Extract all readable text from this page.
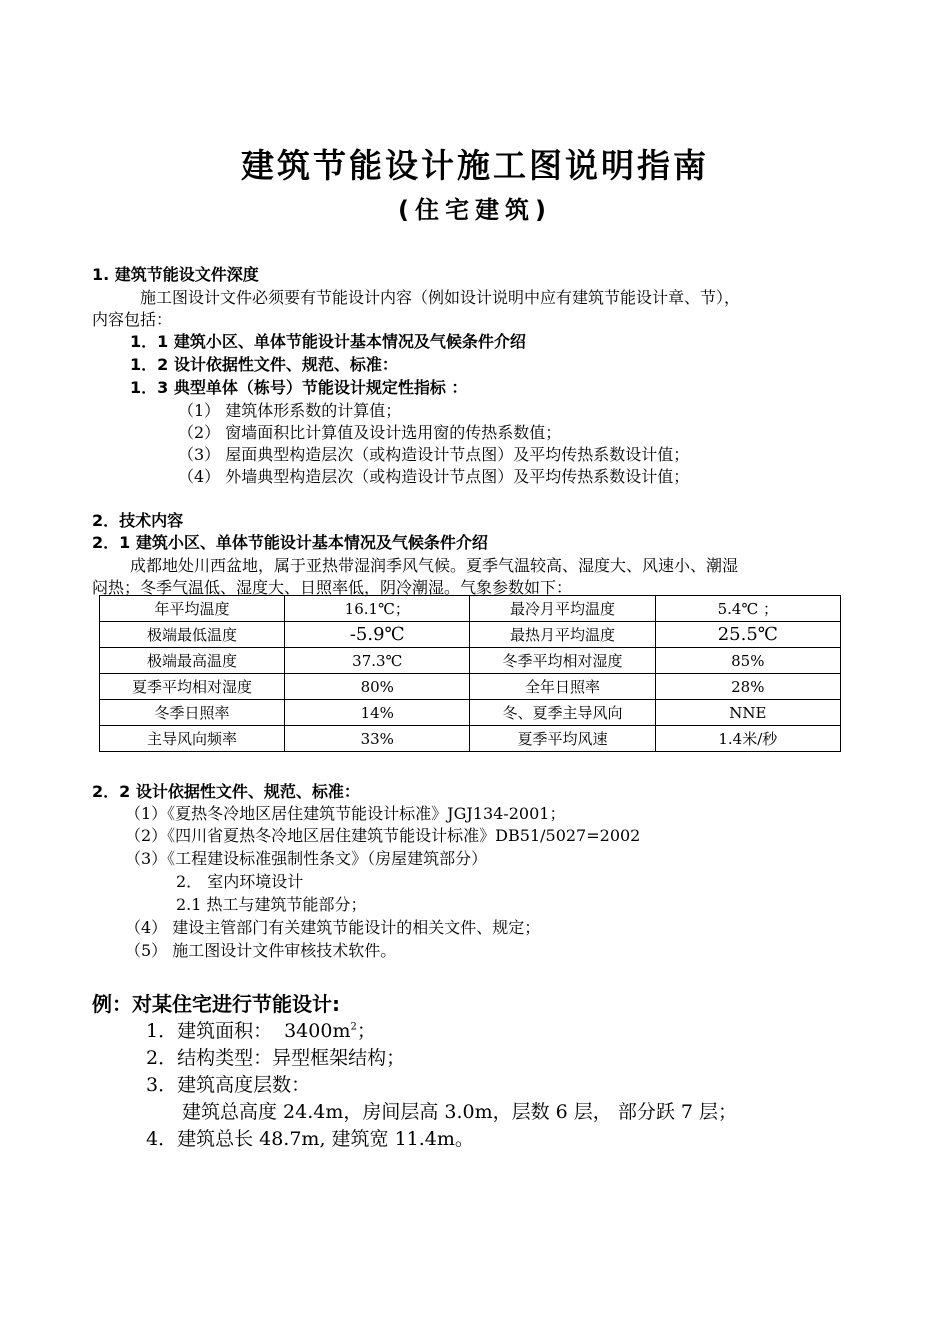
建筑节能设计施工图说明指南
(住宅建筑)
1. 建筑节能设文件深度
施工图设计文件必须要有节能设计内容（例如设计说明中应有建筑节能设计章、节），
内容包括：
1．1 建筑小区、单体节能设计基本情况及气候条件介绍
1．2 设计依据性文件、规范、标准：
1．3 典型单体（栋号）节能设计规定性指标 ：
（1） 建筑体形系数的计算值；
（2） 窗墙面积比计算值及设计选用窗的传热系数值；
（3） 屋面典型构造层次（或构造设计节点图）及平均传热系数设计值；
（4） 外墙典型构造层次（或构造设计节点图）及平均传热系数设计值；
2．技术内容
2．1 建筑小区、单体节能设计基本情况及气候条件介绍
成都地处川西盆地，属于亚热带湿润季风气候。夏季气温较高、湿度大、风速小、潮湿
闷热；冬季气温低、湿度大、日照率低，阴冷潮湿。气象参数如下：
年平均温度	16.1℃；	最冷月平均温度	5.4℃ ；
极端最低温度	-5.9℃	最热月平均温度	25.5℃
极端最高温度	37.3℃	冬季平均相对湿度	85%
夏季平均相对湿度	80%	全年日照率	28%
冬季日照率	14%	冬、夏季主导风向	NNE
主导风向频率	33%	夏季平均风速	1.4米/秒
2．2 设计依据性文件、规范、标准：
（1）《夏热冬冷地区居住建筑节能设计标准》JGJ134-2001；
（2）《四川省夏热冬冷地区居住建筑节能设计标准》DB51/5027=2002
（3）《工程建设标准强制性条文》（房屋建筑部分）
2． 室内环境设计
2.1 热工与建筑节能部分；
（4） 建设主管部门有关建筑节能设计的相关文件、规定；
（5） 施工图设计文件审核技术软件。
例：对某住宅进行节能设计:
1．建筑面积： $3400m^2$；
2．结构类型：异型框架结构；
3．建筑高度层数：
建筑总高度 24.4m，房间层高 3.0m，层数 6 层， 部分跃 7 层；
4．建筑总长 48.7m, 建筑宽 11.4m。
